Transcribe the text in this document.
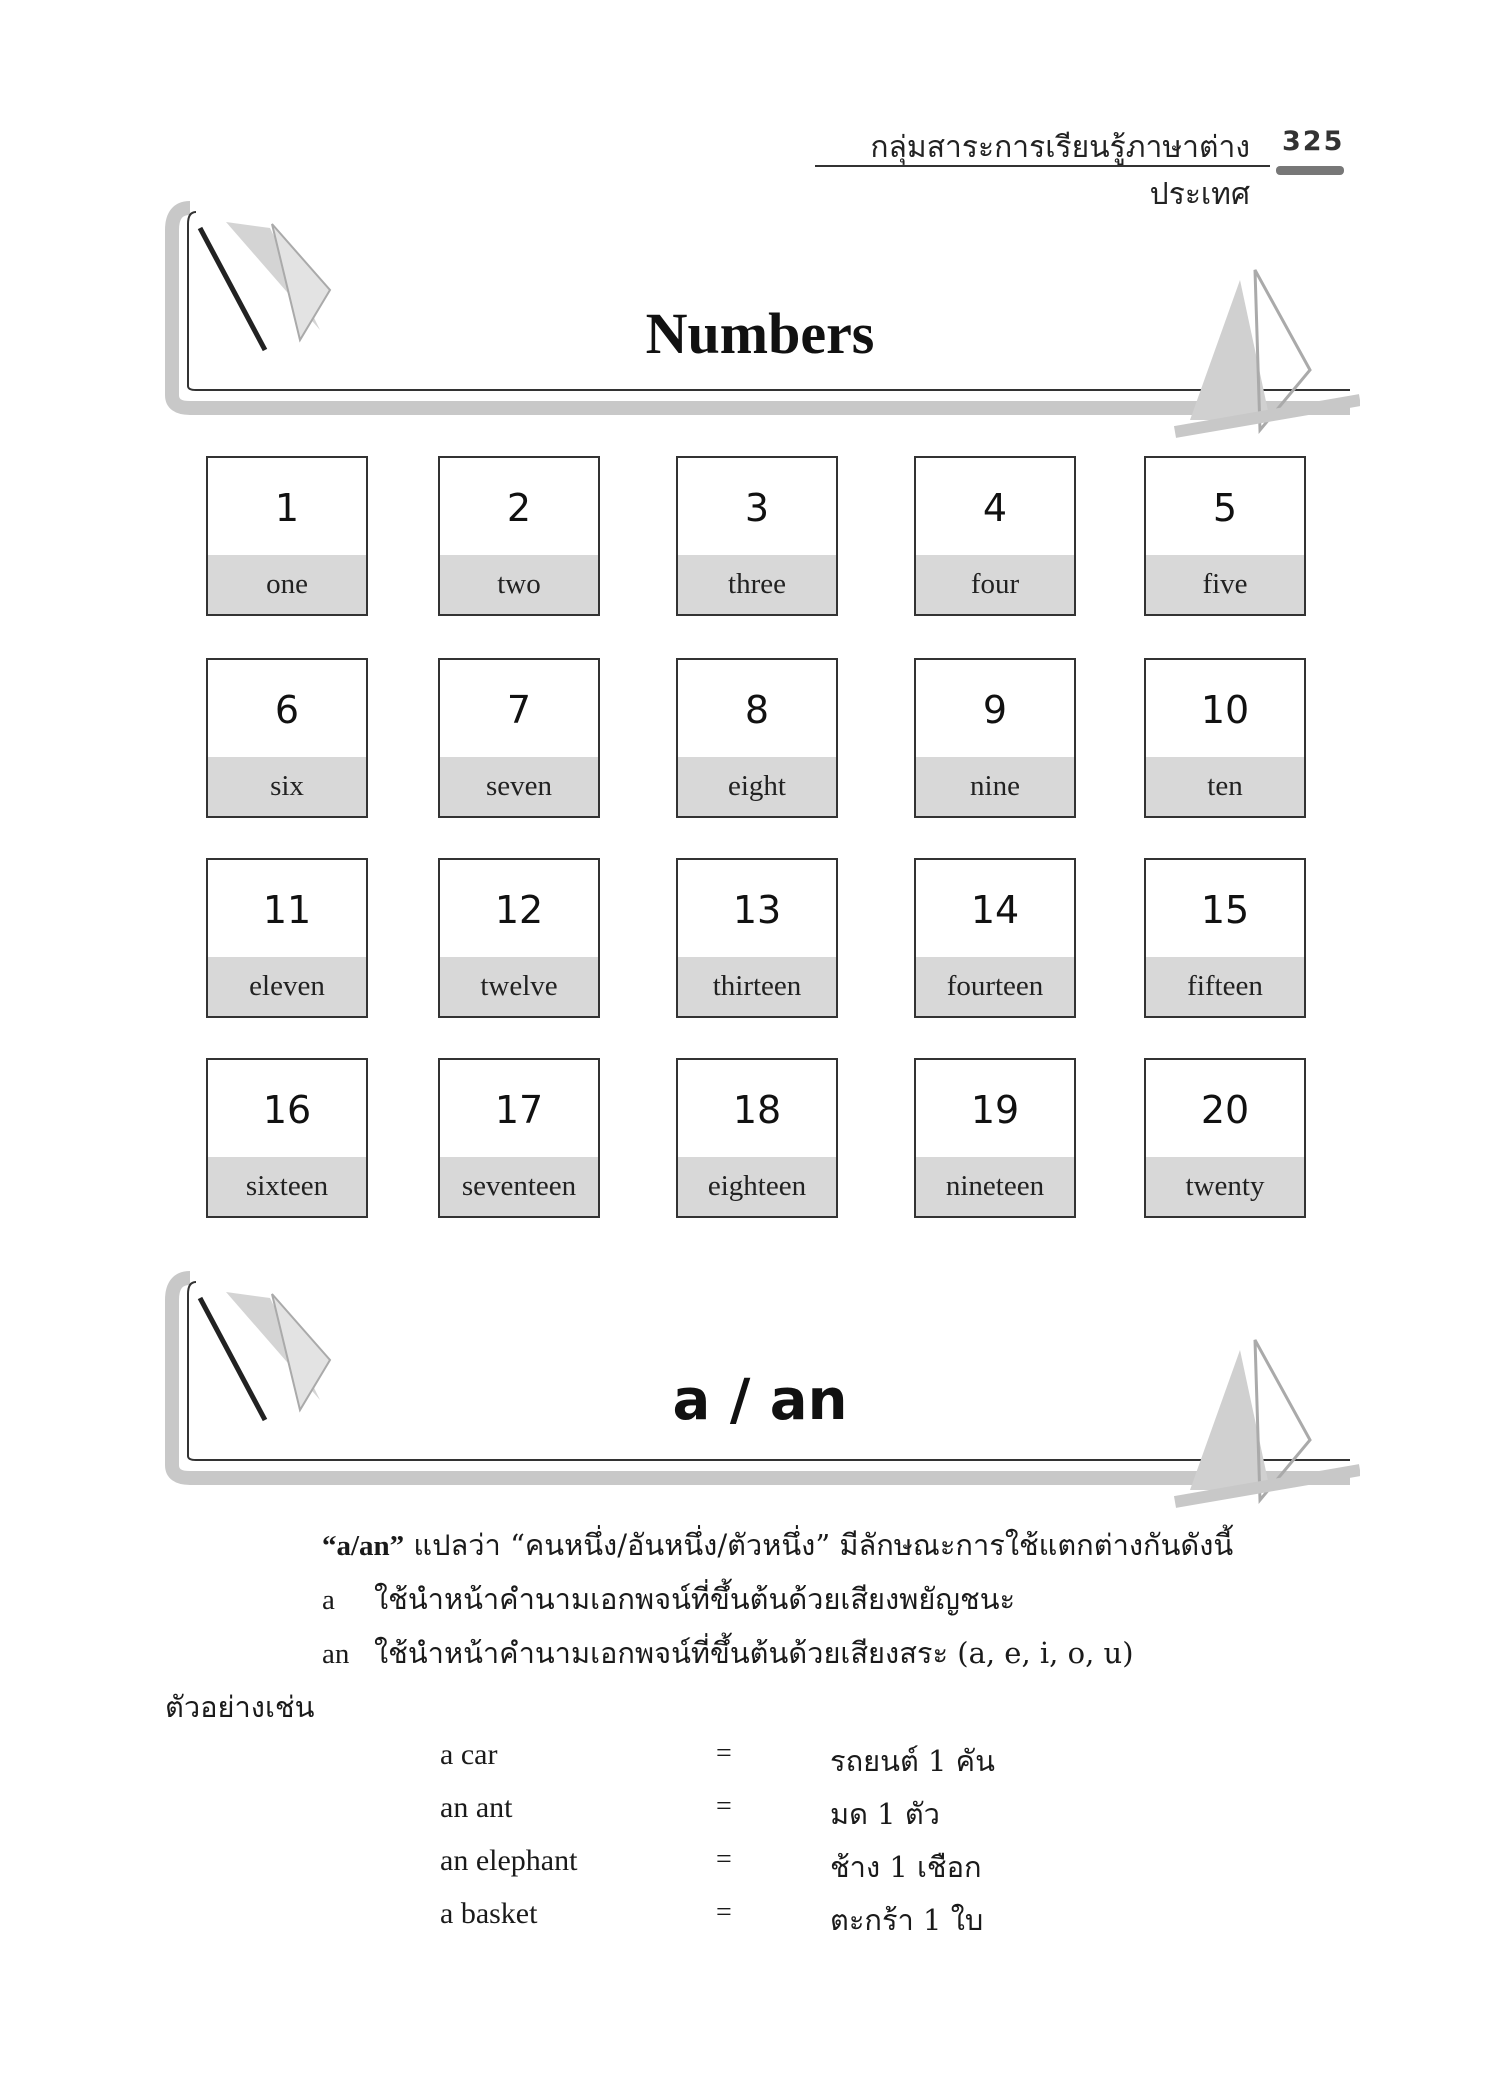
กลุ่มสาระการเรียนรู้ภาษาต่างประเทศ
325
Numbers
1
one
2
two
3
three
4
four
5
five
6
six
7
seven
8
eight
9
nine
10
ten
11
eleven
12
twelve
13
thirteen
14
fourteen
15
fifteen
16
sixteen
17
seventeen
18
eighteen
19
nineteen
20
twenty
a / an
“a/an” แปลว่า “คนหนึ่ง/อันหนึ่ง/ตัวหนึ่ง” มีลักษณะการใช้แตกต่างกันดังนี้
a ใช้นำหน้าคำนามเอกพจน์ที่ขึ้นต้นด้วยเสียงพยัญชนะ
an ใช้นำหน้าคำนามเอกพจน์ที่ขึ้นต้นด้วยเสียงสระ (a, e, i, o, u)
ตัวอย่างเช่น
a car	=	รถยนต์ 1 คัน
an ant	=	มด 1 ตัว
an elephant	=	ช้าง 1 เชือก
a basket	=	ตะกร้า 1 ใบ
